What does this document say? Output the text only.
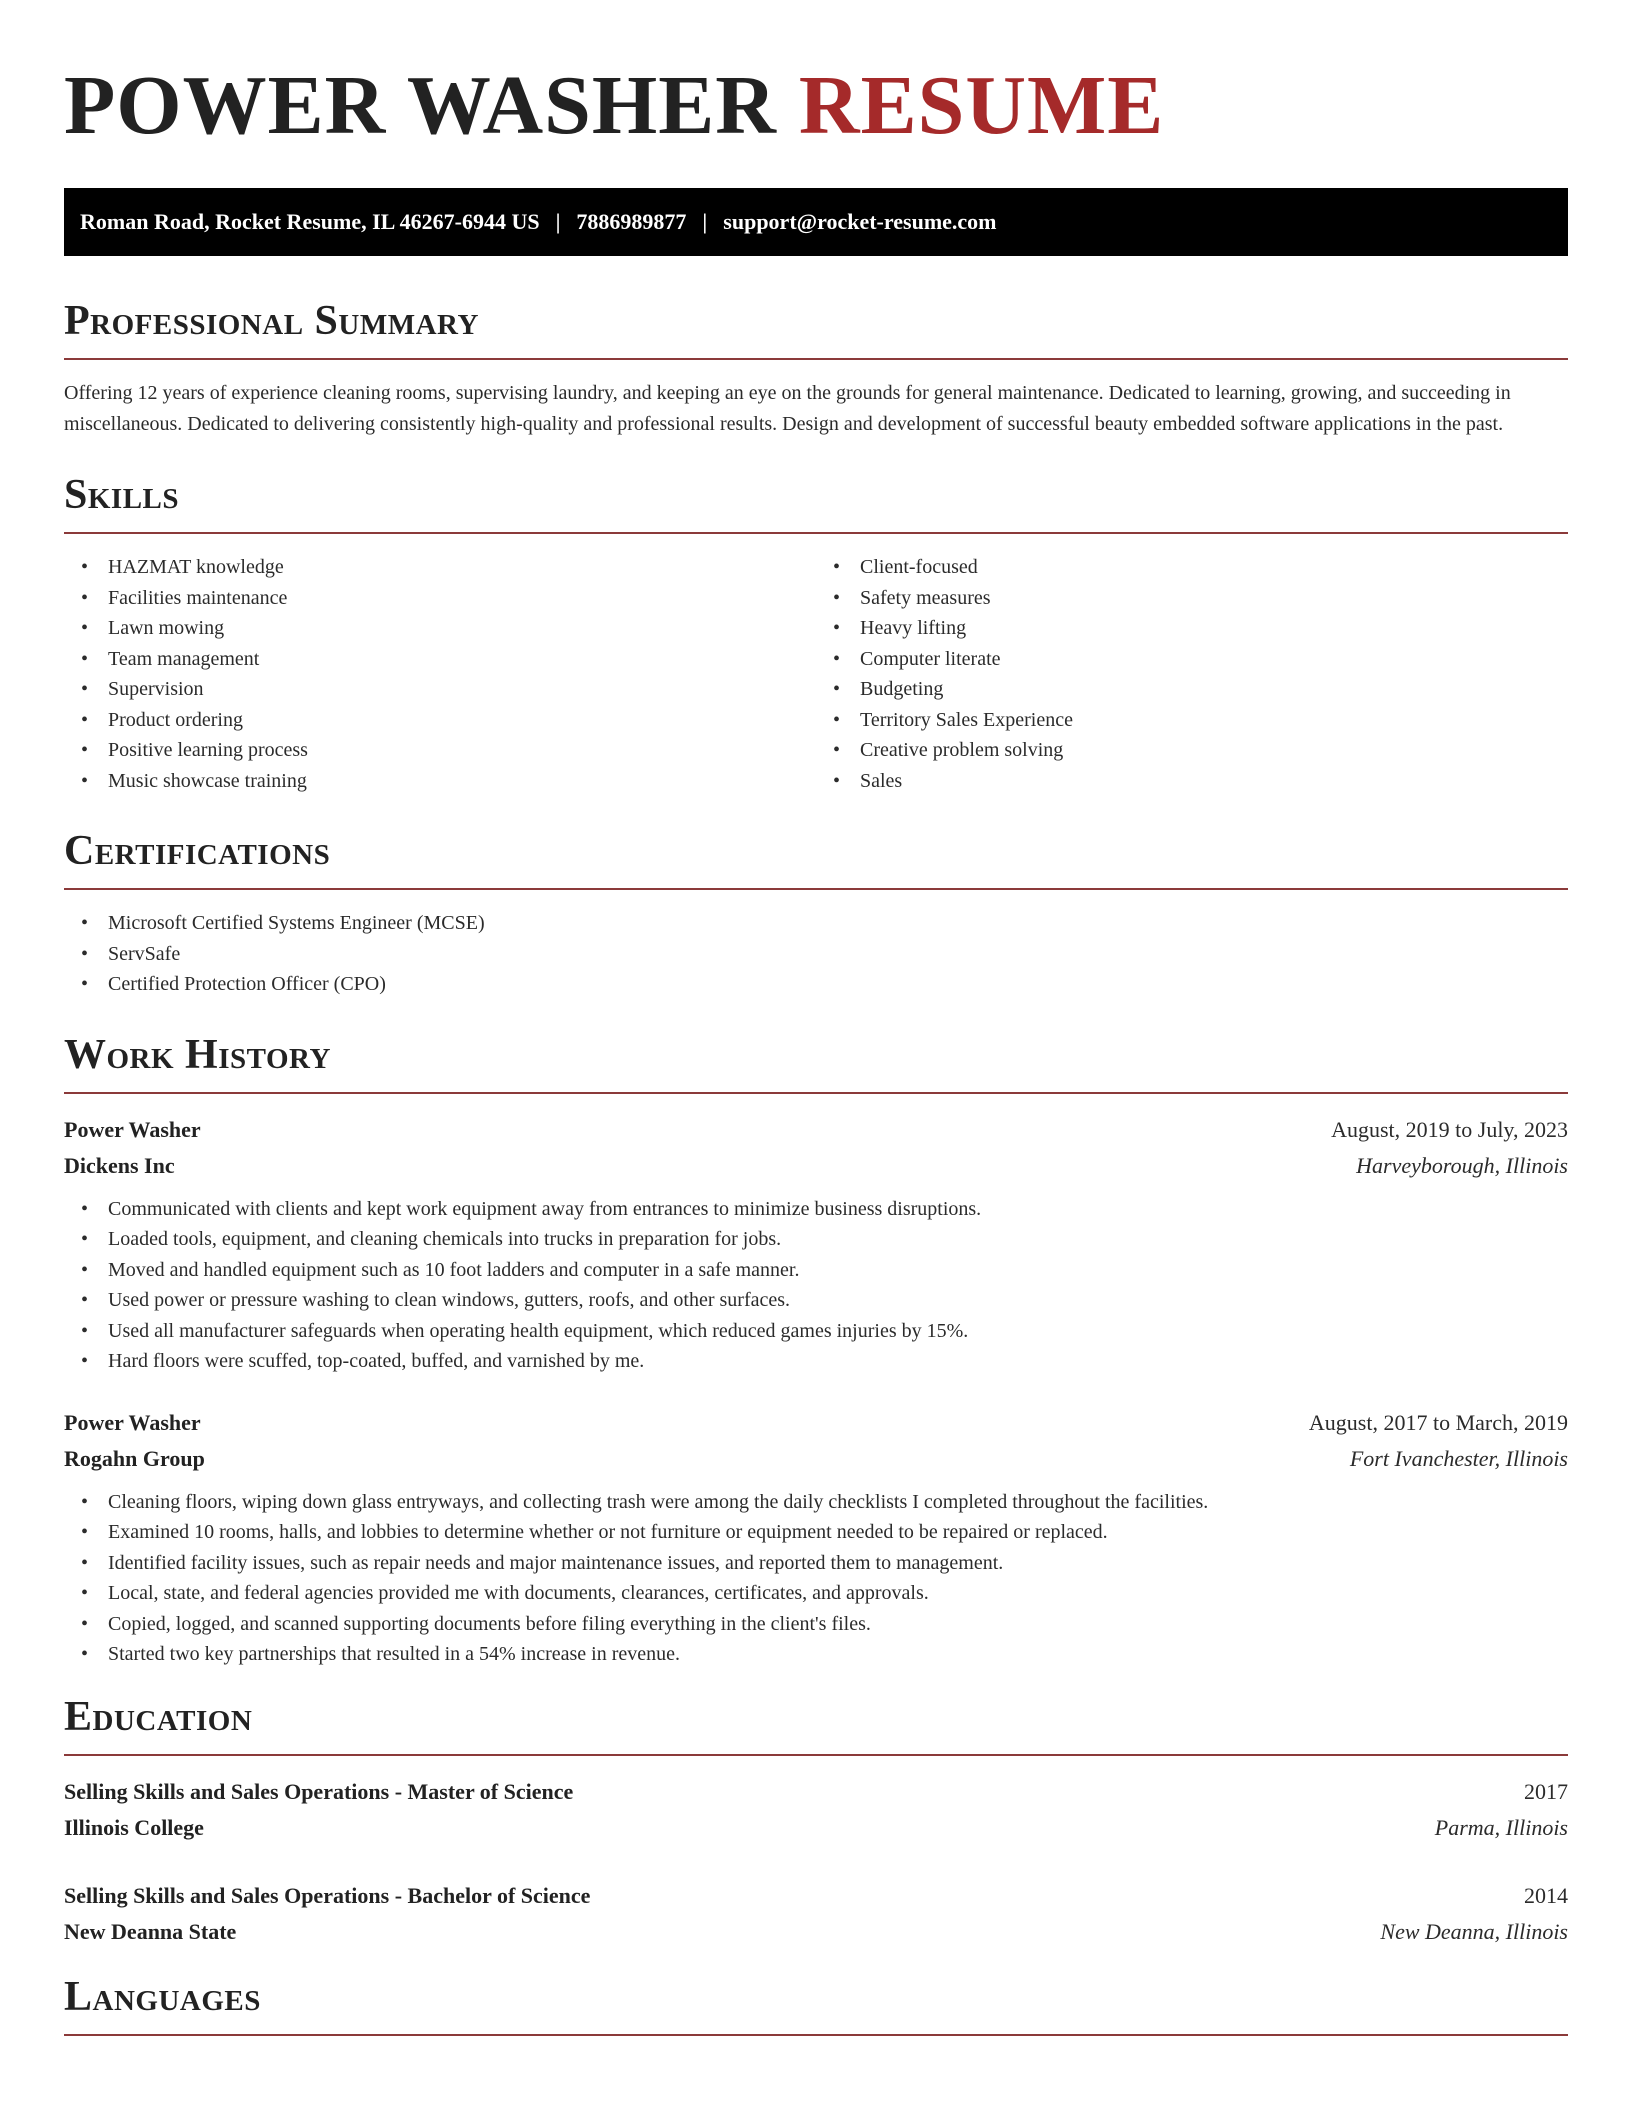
POWER WASHER RESUME
Roman Road, Rocket Resume, IL 46267-6944 US | 7886989877 | support@rocket-resume.com
Professional Summary

Offering 12 years of experience cleaning rooms, supervising laundry, and keeping an eye on the grounds for general maintenance. Dedicated to learning, growing, and succeeding in miscellaneous. Dedicated to delivering consistently high-quality and professional results. Design and development of successful beauty embedded software applications in the past.

Skills
• HAZMAT knowledge
• Facilities maintenance
• Lawn mowing
• Team management
• Supervision
• Product ordering
• Positive learning process
• Music showcase training
• Client-focused
• Safety measures
• Heavy lifting
• Computer literate
• Budgeting
• Territory Sales Experience
• Creative problem solving
• Sales
Certifications
• Microsoft Certified Systems Engineer (MCSE)
• ServSafe
• Certified Protection Officer (CPO)
Work History
Power Washer	August, 2019 to July, 2023
Dickens Inc	Harveyborough, Illinois
• Communicated with clients and kept work equipment away from entrances to minimize business disruptions.
• Loaded tools, equipment, and cleaning chemicals into trucks in preparation for jobs.
• Moved and handled equipment such as 10 foot ladders and computer in a safe manner.
• Used power or pressure washing to clean windows, gutters, roofs, and other surfaces.
• Used all manufacturer safeguards when operating health equipment, which reduced games injuries by 15%.
• Hard floors were scuffed, top-coated, buffed, and varnished by me.
Power Washer	August, 2017 to March, 2019
Rogahn Group	Fort Ivanchester, Illinois
• Cleaning floors, wiping down glass entryways, and collecting trash were among the daily checklists I completed throughout the facilities.
• Examined 10 rooms, halls, and lobbies to determine whether or not furniture or equipment needed to be repaired or replaced.
• Identified facility issues, such as repair needs and major maintenance issues, and reported them to management.
• Local, state, and federal agencies provided me with documents, clearances, certificates, and approvals.
• Copied, logged, and scanned supporting documents before filing everything in the client's files.
• Started two key partnerships that resulted in a 54% increase in revenue.
Education
Selling Skills and Sales Operations - Master of Science	2017
Illinois College	Parma, Illinois
Selling Skills and Sales Operations - Bachelor of Science	2014
New Deanna State	New Deanna, Illinois
Languages
